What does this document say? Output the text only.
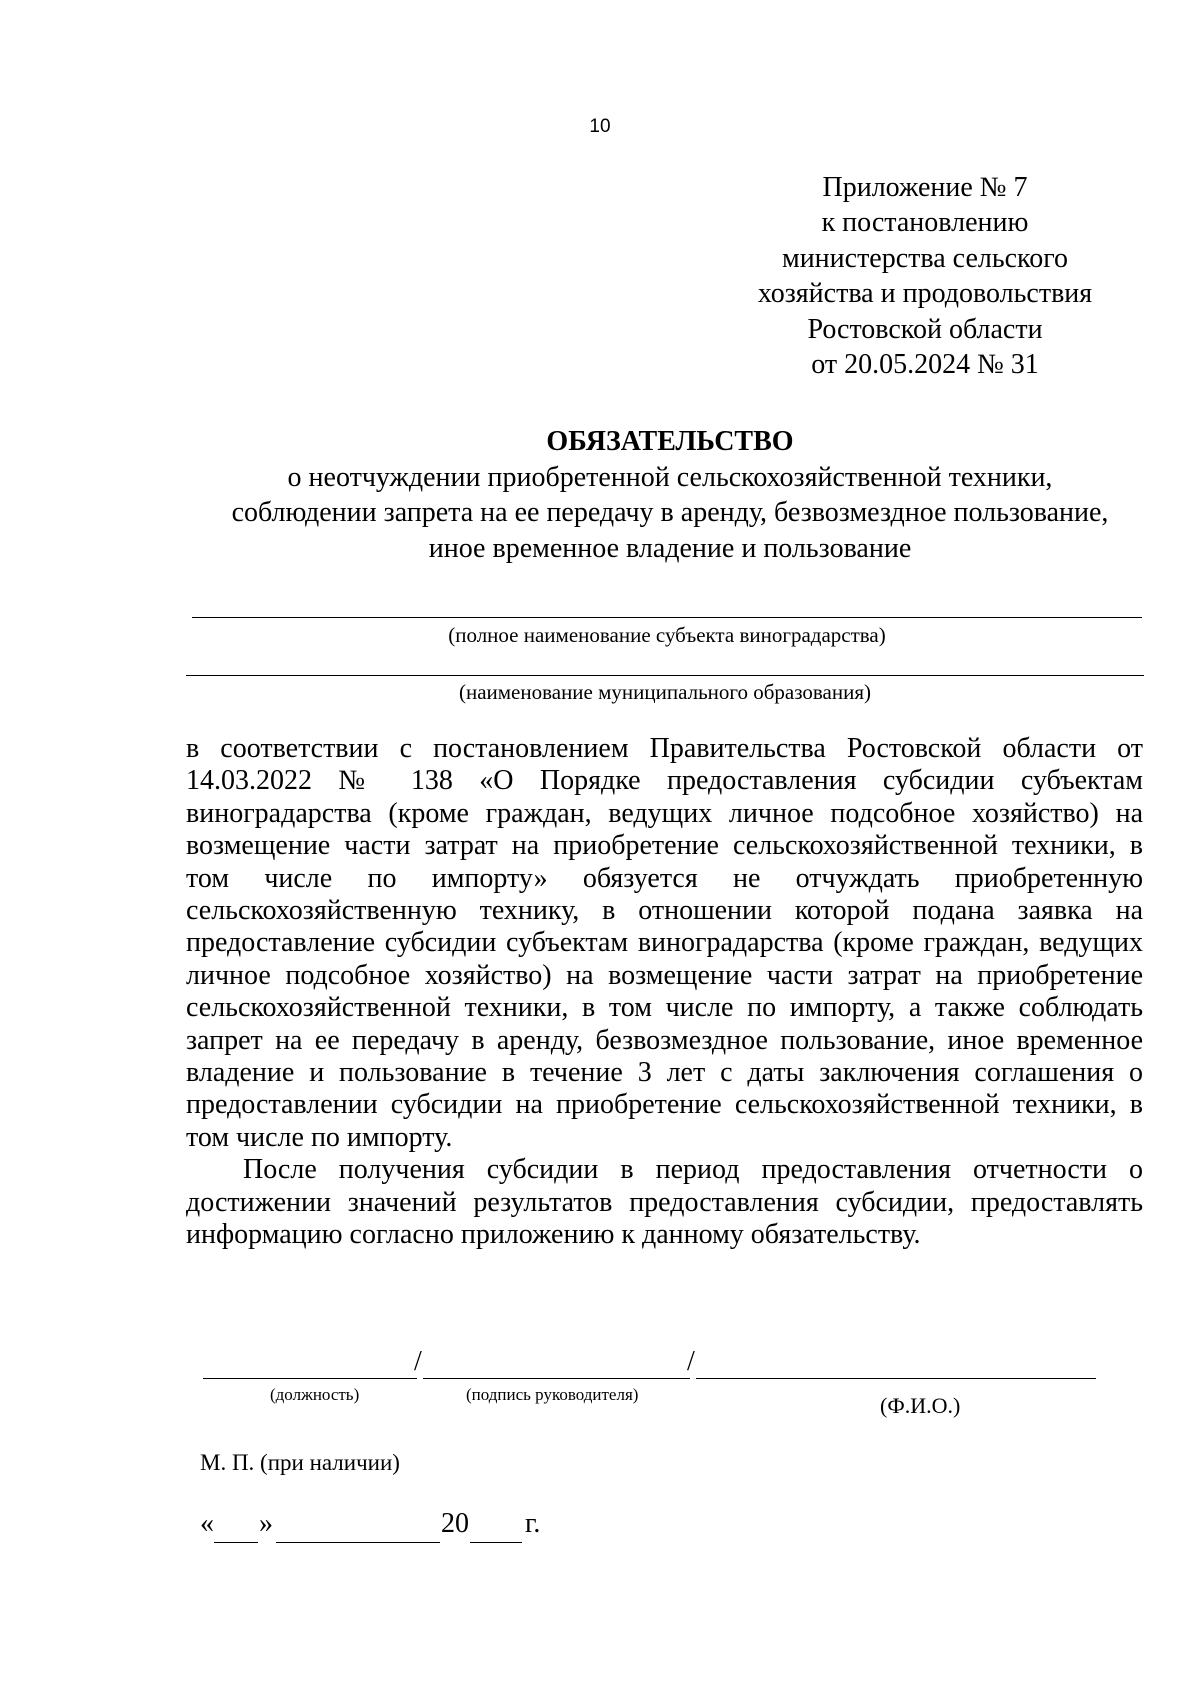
10
Приложение № 7
к постановлению
министерства сельского
хозяйства и продовольствия
Ростовской области
от 20.05.2024 № 31
ОБЯЗАТЕЛЬСТВО
о неотчуждении приобретенной сельскохозяйственной техники,
соблюдении запрета на ее передачу в аренду, безвозмездное пользование,
иное временное владение и пользование
(полное наименование субъекта виноградарства)
(наименование муниципального образования)

в соответствии с постановлением Правительства Ростовской области от 14.03.2022 № 138 «О Порядке предоставления субсидии субъектам виноградарства (кроме граждан, ведущих личное подсобное хозяйство) на возмещение части затрат на приобретение сельскохозяйственной техники, в том числе по импорту» обязуется не отчуждать приобретенную сельскохозяйственную технику, в отношении которой подана заявка на предоставление субсидии субъектам виноградарства (кроме граждан, ведущих личное подсобное хозяйство) на возмещение части затрат на приобретение сельскохозяйственной техники, в том числе по импорту, а также соблюдать запрет на ее передачу в аренду, безвозмездное пользование, иное временное владение и пользование в течение 3 лет с даты заключения соглашения о предоставлении субсидии на приобретение сельскохозяйственной техники, в том числе по импорту.

После получения субсидии в период предоставления отчетности о достижении значений результатов предоставления субсидии, предоставлять информацию согласно приложению к данному обязательству.

/	/
(должность)	(подпись руководителя)	(Ф.И.О.)
М. П. (при наличии)
« »	20 г.
